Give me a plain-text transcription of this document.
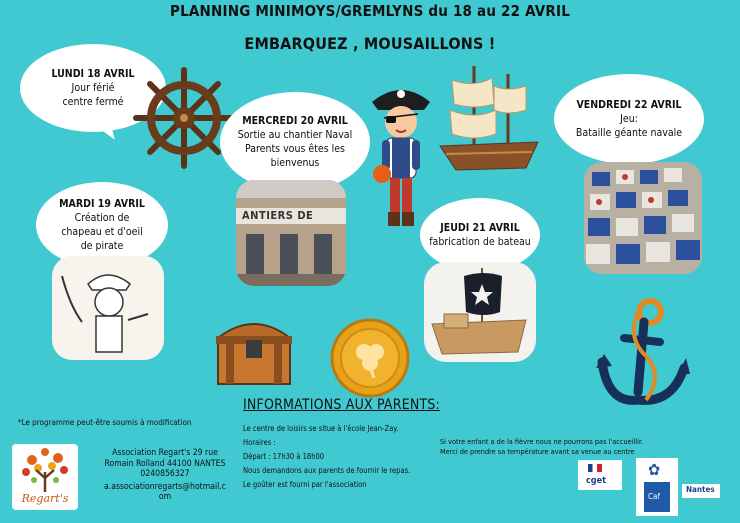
PLANNING MINIMOYS/GREMLYNS du 18 au 22 AVRIL
EMBARQUEZ , MOUSAILLONS !
LUNDI 18 AVRIL
Jour férié
centre fermé
MERCREDI 20 AVRIL
Sortie au chantier Naval
Parents vous êtes les
bienvenus
VENDREDI 22 AVRIL
Jeu:
Bataille géante navale
ANTIERS DE
MARDI 19 AVRIL
Création de
chapeau et d'oeil
de pirate
JEUDI 21 AVRIL
fabrication de bateau
*Le programme peut-être soumis à modification
INFORMATIONS AUX PARENTS:
Le centre de loisirs se situe à l'école Jean-Zay.
Horaires :
Départ : 17h30 à 18h00
Nous demandons aux parents de fournir le repas.
Le goûter est fourni par l'association
Si votre enfant a de la fièvre nous ne pourrons pas l'accueillir.
Merci de prendre sa température avant sa venue au centre
Regart's
Association Regart's 29 rue
Romain Rolland 44100 NANTES
0240856327
a.associationregarts@hotmail.c
om
cget
✿
Caf
Nantes
